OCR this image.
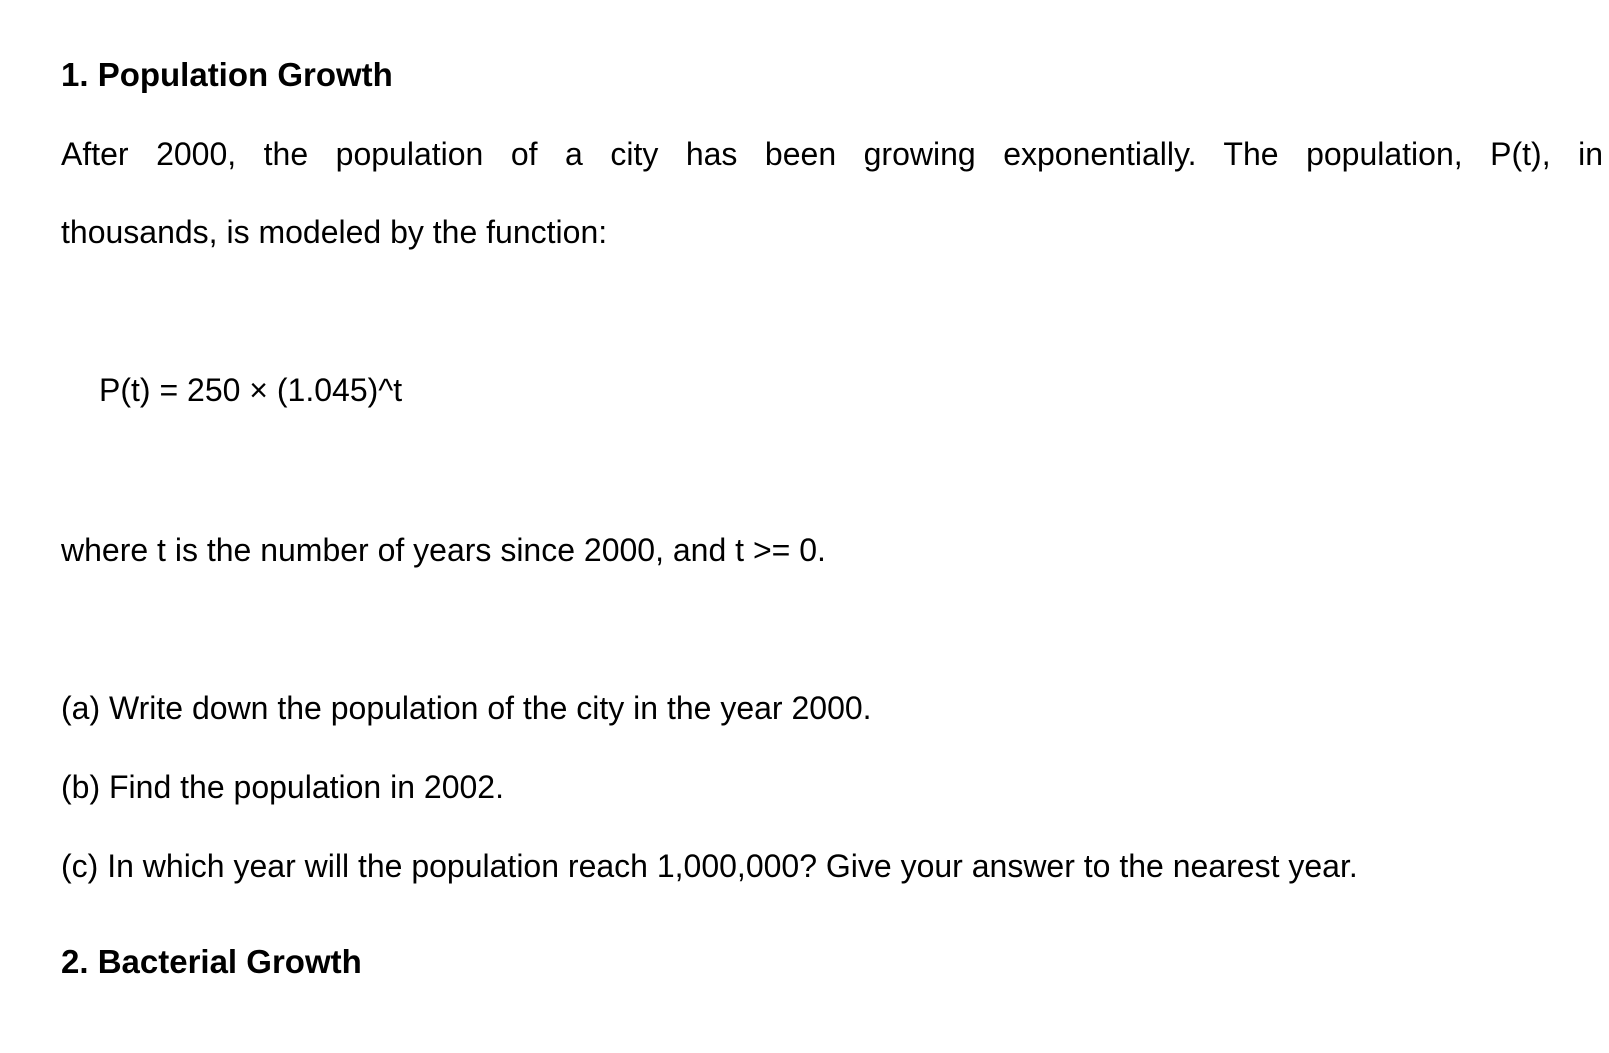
1. Population Growth
After 2000, the population of a city has been growing exponentially. The population, P(t), in
thousands, is modeled by the function:
P(t) = 250 × (1.045)^t
where t is the number of years since 2000, and t >= 0.
(a) Write down the population of the city in the year 2000.
(b) Find the population in 2002.
(c) In which year will the population reach 1,000,000? Give your answer to the nearest year.
2. Bacterial Growth
